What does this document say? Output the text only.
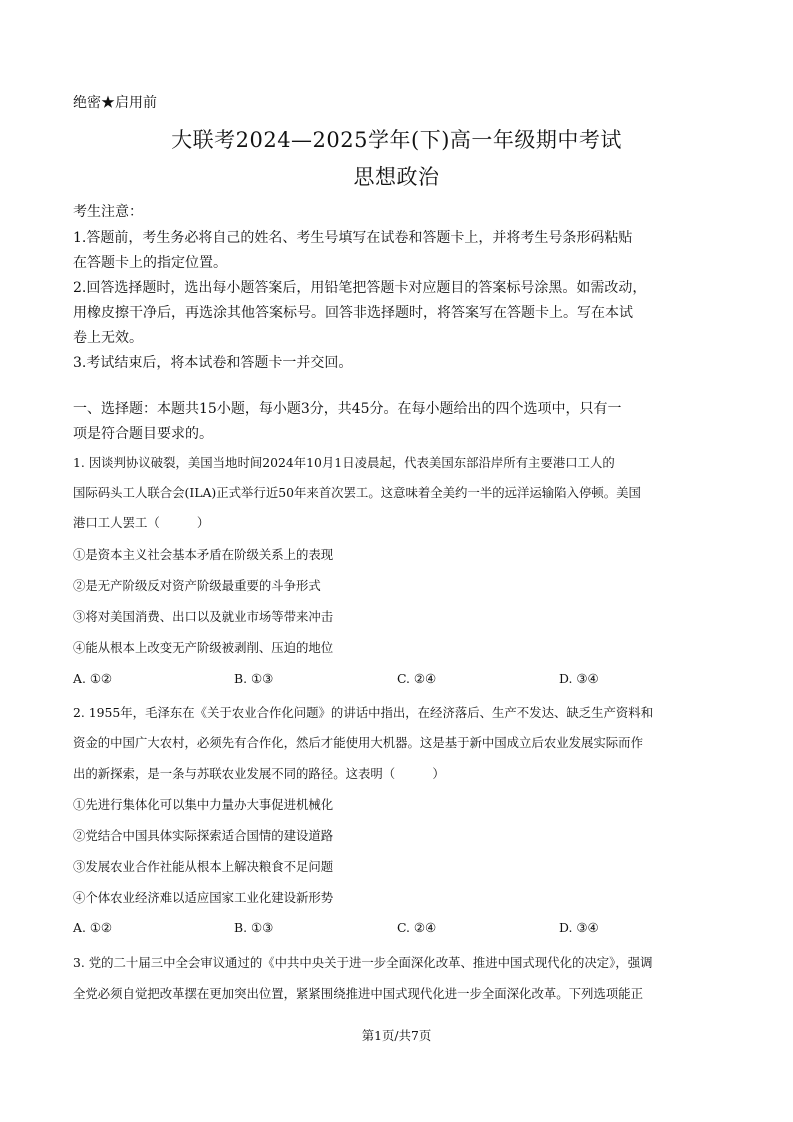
绝密★启用前
大联考2024—2025学年(下)高一年级期中考试
思想政治
考生注意：
1.答题前，考生务必将自己的姓名、考生号填写在试卷和答题卡上，并将考生号条形码粘贴
在答题卡上的指定位置。
2.回答选择题时，选出每小题答案后，用铅笔把答题卡对应题目的答案标号涂黑。如需改动，
用橡皮擦干净后，再选涂其他答案标号。回答非选择题时，将答案写在答题卡上。写在本试
卷上无效。
3.考试结束后，将本试卷和答题卡一并交回。
一、选择题：本题共15小题，每小题3分，共45分。在每小题给出的四个选项中，只有一
项是符合题目要求的。
1. 因谈判协议破裂，美国当地时间2024年10月1日凌晨起，代表美国东部沿岸所有主要港口工人的
国际码头工人联合会(ILA)正式举行近50年来首次罢工。这意味着全美约一半的远洋运输陷入停顿。美国
港口工人罢工（　　　）
①是资本主义社会基本矛盾在阶级关系上的表现
②是无产阶级反对资产阶级最重要的斗争形式
③将对美国消费、出口以及就业市场等带来冲击
④能从根本上改变无产阶级被剥削、压迫的地位
A. ①②	B. ①③	C. ②④	D. ③④
2. 1955年，毛泽东在《关于农业合作化问题》的讲话中指出，在经济落后、生产不发达、缺乏生产资料和
资金的中国广大农村，必须先有合作化，然后才能使用大机器。这是基于新中国成立后农业发展实际而作
出的新探索，是一条与苏联农业发展不同的路径。这表明（　　　）
①先进行集体化可以集中力量办大事促进机械化
②党结合中国具体实际探索适合国情的建设道路
③发展农业合作社能从根本上解决粮食不足问题
④个体农业经济难以适应国家工业化建设新形势
A. ①②	B. ①③	C. ②④	D. ③④
3. 党的二十届三中全会审议通过的《中共中央关于进一步全面深化改革、推进中国式现代化的决定》，强调
全党必须自觉把改革摆在更加突出位置，紧紧围绕推进中国式现代化进一步全面深化改革。下列选项能正
第1页/共7页
